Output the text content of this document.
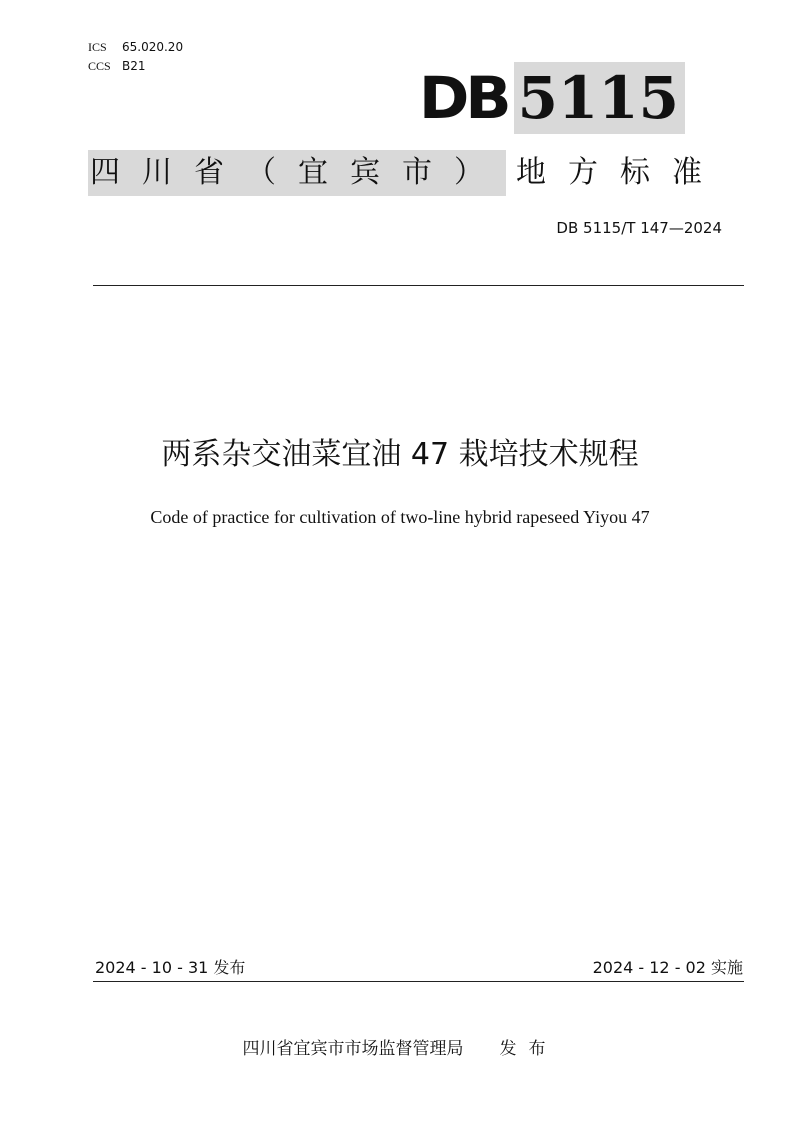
ICS 65.020.20
CCS B21	DB 5115
四川省（宜宾市） 地方标准
DB 5115/T 147—2024
两系杂交油菜宜油 47 栽培技术规程
Code of practice for cultivation of two-line hybrid rapeseed Yiyou 47
2024 - 10 - 31 发布	2024 - 12 - 02 实施
四川省宜宾市市场监督管理局 发布
